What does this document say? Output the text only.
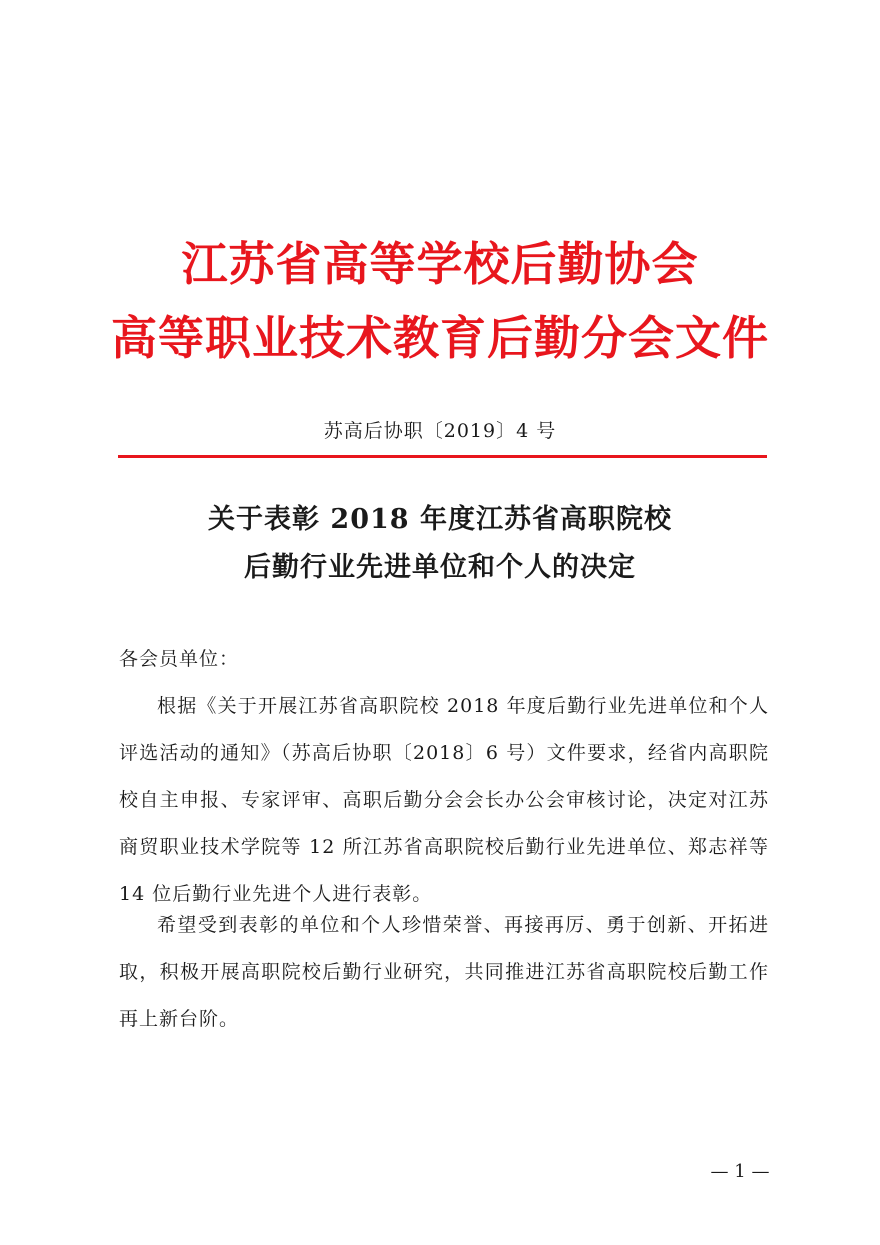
江苏省高等学校后勤协会
高等职业技术教育后勤分会文件
苏高后协职〔2019〕4 号
关于表彰 2018 年度江苏省高职院校
后勤行业先进单位和个人的决定
各会员单位：
根据《关于开展江苏省高职院校 2018 年度后勤行业先进单位和个人评选活动的通知》（苏高后协职〔2018〕6 号）文件要求，经省内高职院校自主申报、专家评审、高职后勤分会会长办公会审核讨论，决定对江苏商贸职业技术学院等 12 所江苏省高职院校后勤行业先进单位、郑志祥等 14 位后勤行业先进个人进行表彰。
希望受到表彰的单位和个人珍惜荣誉、再接再厉、勇于创新、开拓进取，积极开展高职院校后勤行业研究，共同推进江苏省高职院校后勤工作再上新台阶。
— 1 —
